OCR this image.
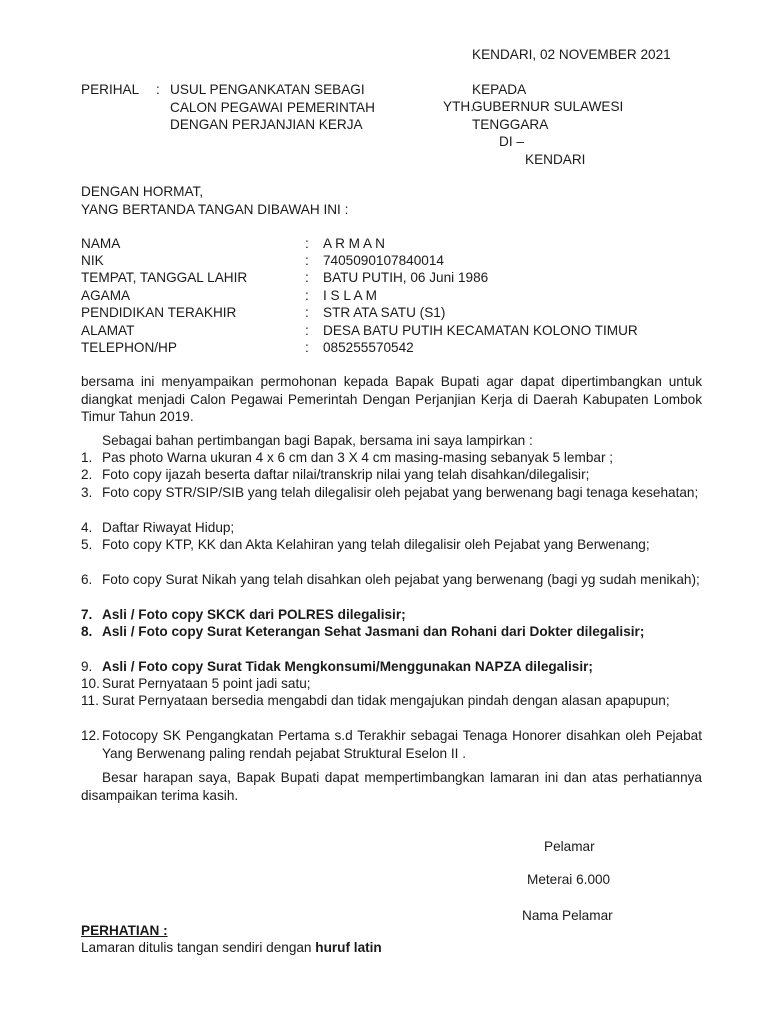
KENDARI, 02 NOVEMBER 2021
PERIHAL : USUL PENGANKATAN SEBAGI
CALON PEGAWAI PEMERINTAH
DENGAN PERJANJIAN KERJA
KEPADA
YTH.
GUBERNUR SULAWESI
TENGGARA
DI –
KENDARI
DENGAN HORMAT,
YANG BERTANDA TANGAN DIBAWAH INI :
NAMA	: A R M A N
NIK	: 7405090107840014
TEMPAT, TANGGAL LAHIR	: BATU PUTIH, 06 Juni 1986
AGAMA	: I S L A M
PENDIDIKAN TERAKHIR	: STR ATA SATU (S1)
ALAMAT	: DESA BATU PUTIH KECAMATAN KOLONO TIMUR
TELEPHON/HP	: 085255570542
bersama ini menyampaikan permohonan kepada Bapak Bupati agar dapat dipertimbangkan untuk diangkat menjadi Calon Pegawai Pemerintah Dengan Perjanjian Kerja di Daerah Kabupaten Lombok Timur Tahun 2019.
Sebagai bahan pertimbangan bagi Bapak, bersama ini saya lampirkan :
1. Pas photo Warna ukuran 4 x 6 cm dan 3 X 4 cm masing-masing sebanyak 5 lembar ;
2. Foto copy ijazah beserta daftar nilai/transkrip nilai yang telah disahkan/dilegalisir;
3. Foto copy STR/SIP/SIB yang telah dilegalisir oleh pejabat yang berwenang bagi tenaga kesehatan;
4. Daftar Riwayat Hidup;
5. Foto copy KTP, KK dan Akta Kelahiran yang telah dilegalisir oleh Pejabat yang Berwenang;
6. Foto copy Surat Nikah yang telah disahkan oleh pejabat yang berwenang (bagi yg sudah menikah);
7. Asli / Foto copy SKCK dari POLRES dilegalisir;
8. Asli / Foto copy Surat Keterangan Sehat Jasmani dan Rohani dari Dokter dilegalisir;
9. Asli / Foto copy Surat Tidak Mengkonsumi/Menggunakan NAPZA dilegalisir;
10. Surat Pernyataan 5 point jadi satu;
11. Surat Pernyataan bersedia mengabdi dan tidak mengajukan pindah dengan alasan apapupun;
12. Fotocopy SK Pengangkatan Pertama s.d Terakhir sebagai Tenaga Honorer disahkan oleh Pejabat Yang Berwenang paling rendah pejabat Struktural Eselon II .
Besar harapan saya, Bapak Bupati dapat mempertimbangkan lamaran ini dan atas perhatiannya disampaikan terima kasih.
Pelamar
Meterai 6.000
Nama Pelamar
PERHATIAN :
Lamaran ditulis tangan sendiri dengan huruf latin
